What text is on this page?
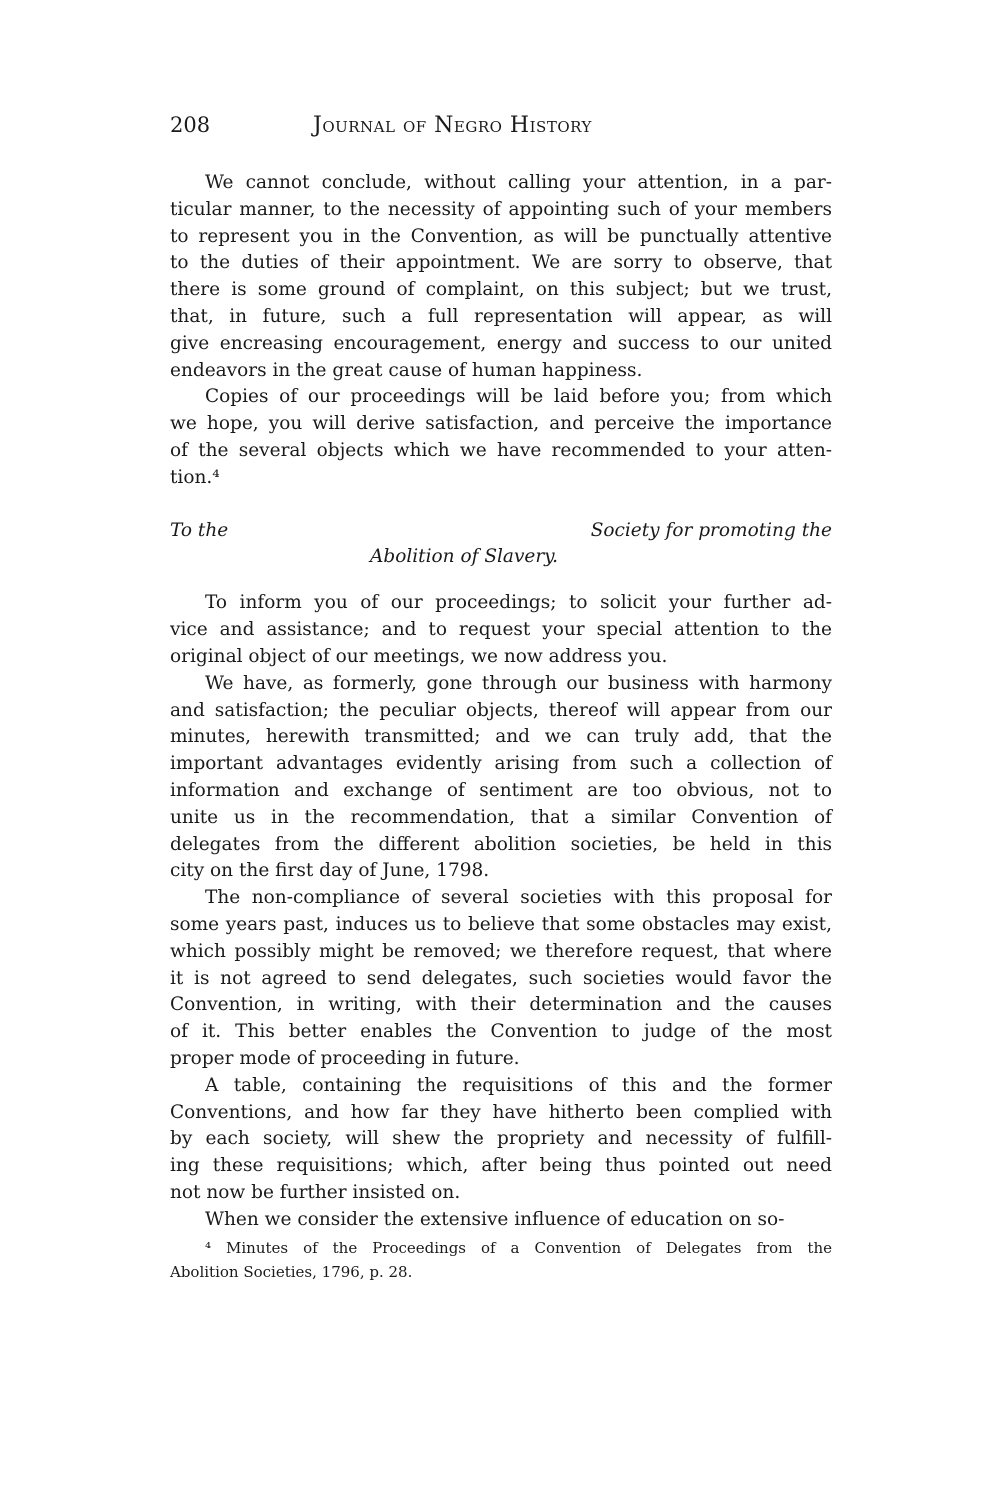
208	Journal of Negro History
We cannot conclude, without calling your attention, in a par-
ticular manner, to the necessity of appointing such of your members
to represent you in the Convention, as will be punctually attentive
to the duties of their appointment. We are sorry to observe, that
there is some ground of complaint, on this subject; but we trust,
that, in future, such a full representation will appear, as will
give encreasing encouragement, energy and success to our united
endeavors in the great cause of human happiness.
Copies of our proceedings will be laid before you; from which
we hope, you will derive satisfaction, and perceive the importance
of the several objects which we have recommended to your atten-
tion.⁴
To the	Society for promoting the
Abolition of Slavery.
To inform you of our proceedings; to solicit your further ad-
vice and assistance; and to request your special attention to the
original object of our meetings, we now address you.
We have, as formerly, gone through our business with harmony
and satisfaction; the peculiar objects, thereof will appear from our
minutes, herewith transmitted; and we can truly add, that the
important advantages evidently arising from such a collection of
information and exchange of sentiment are too obvious, not to
unite us in the recommendation, that a similar Convention of
delegates from the different abolition societies, be held in this
city on the first day of June, 1798.
The non-compliance of several societies with this proposal for
some years past, induces us to believe that some obstacles may exist,
which possibly might be removed; we therefore request, that where
it is not agreed to send delegates, such societies would favor the
Convention, in writing, with their determination and the causes
of it. This better enables the Convention to judge of the most
proper mode of proceeding in future.
A table, containing the requisitions of this and the former
Conventions, and how far they have hitherto been complied with
by each society, will shew the propriety and necessity of fulfill-
ing these requisitions; which, after being thus pointed out need
not now be further insisted on.
When we consider the extensive influence of education on so-
⁴ Minutes of the Proceedings of a Convention of Delegates from the
Abolition Societies, 1796, p. 28.
